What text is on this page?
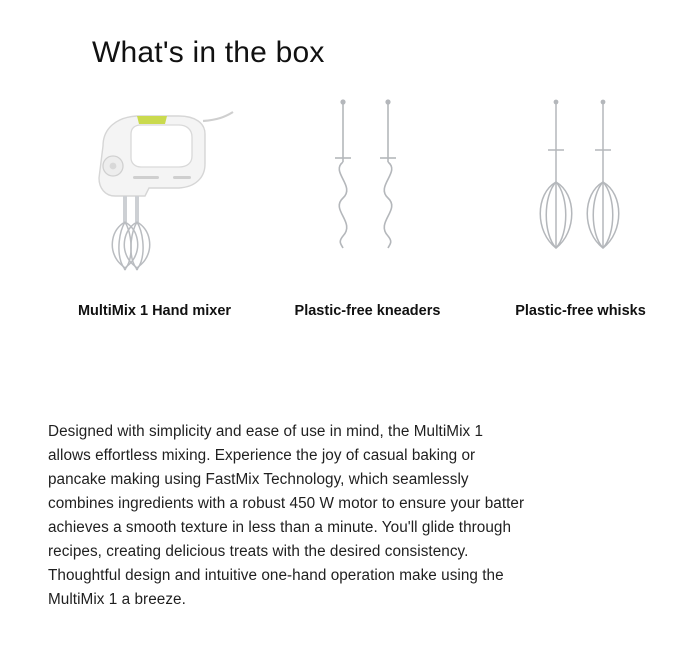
What's in the box
MultiMix 1 Hand mixer	Plastic-free kneaders	Plastic-free whisks

Designed with simplicity and ease of use in mind, the MultiMix 1 allows effortless mixing. Experience the joy of casual baking or pancake making using FastMix Technology, which seamlessly combines ingredients with a robust 450 W motor to ensure your batter achieves a smooth texture in less than a minute. You'll glide through recipes, creating delicious treats with the desired consistency. Thoughtful design and intuitive one-hand operation make using the MultiMix 1 a breeze.
